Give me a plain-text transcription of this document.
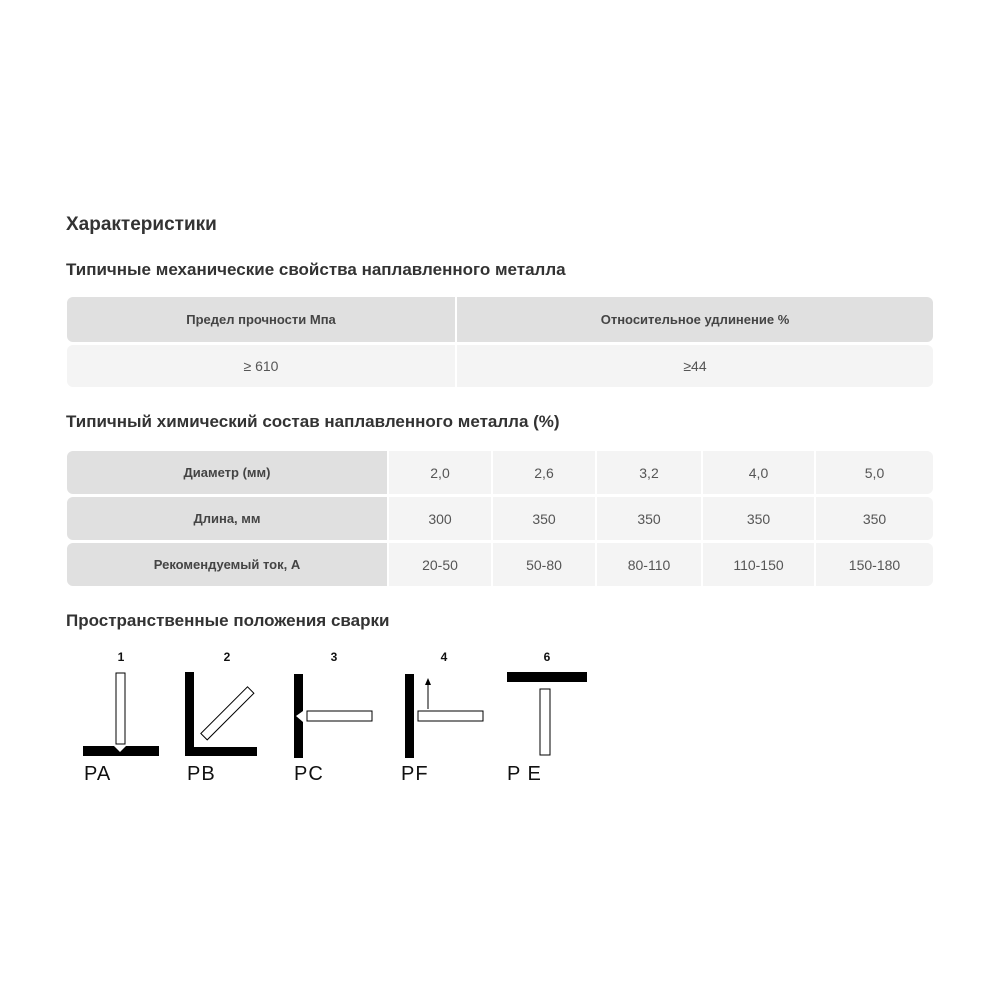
Характеристики
Типичные механические свойства наплавленного металла
Предел прочности Мпа	Относительное удлинение %
≥ 610	≥44
Типичный химический состав наплавленного металла (%)
Диаметр (мм)	2,0	2,6	3,2	4,0	5,0
Длина, мм	300	350	350	350	350
Рекомендуемый ток, А	20-50	50-80	80-110	110-150	150-180
Пространственные положения сварки
1	2	3	4	6
PA	PB	PC	PF	P E
